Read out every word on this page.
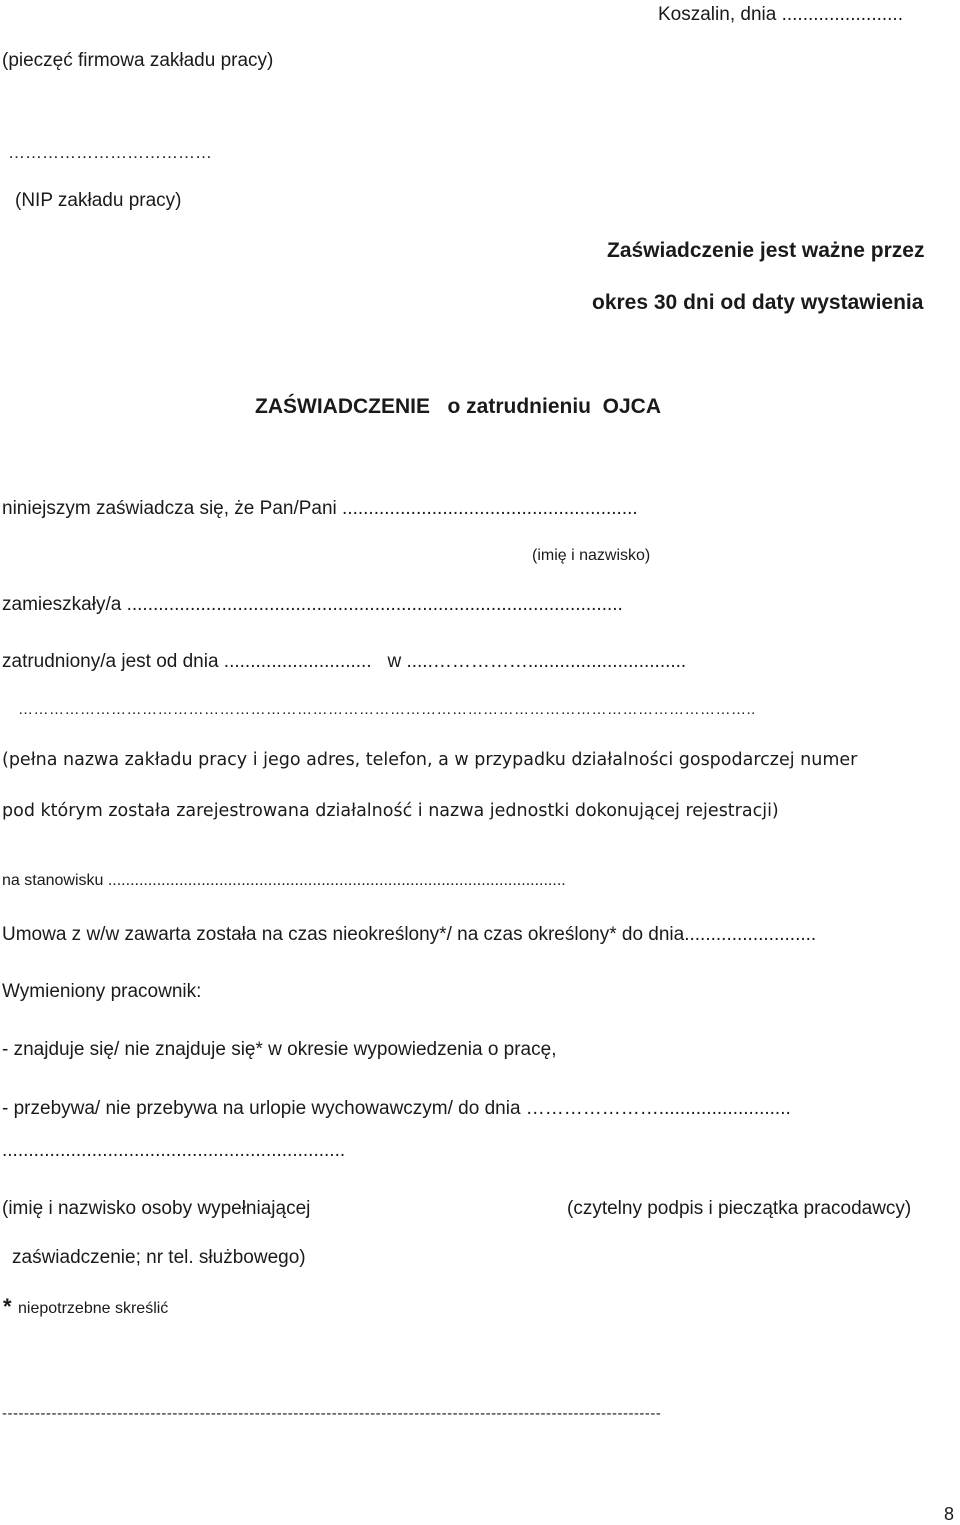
Koszalin, dnia .......................
(pieczęć firmowa zakładu pracy)
………………………………
(NIP zakładu pracy)
Zaświadczenie jest ważne przez
okres 30 dni od daty wystawienia
ZAŚWIADCZENIE   o zatrudnieniu  OJCA
niniejszym zaświadcza się, że Pan/Pani ........................................................
(imię i nazwisko)
zamieszkały/a ..............................................................................................
zatrudniony/a jest od dnia ............................   w .....……………..............................
……………………………………………………………………………………………………………………………..
(pełna nazwa zakładu pracy i jego adres, telefon, a w przypadku działalności gospodarczej numer
pod którym została zarejestrowana działalność i nazwa jednostki dokonującej rejestracji)
na stanowisku .......................................................................................................
Umowa z w/w zawarta została na czas nieokreślony*/ na czas określony* do dnia.........................
Wymieniony pracownik:
- znajduje się/ nie znajduje się* w okresie wypowiedzenia o pracę,
- przebywa/ nie przebywa na urlopie wychowawczym/ do dnia ………………….........................
.................................................................
(imię i nazwisko osoby wypełniającej	(czytelny podpis i pieczątka pracodawcy)
zaświadczenie; nr tel. służbowego)
* niepotrzebne skreślić
------------------------------------------------------------------------------------------------------------------------
8
